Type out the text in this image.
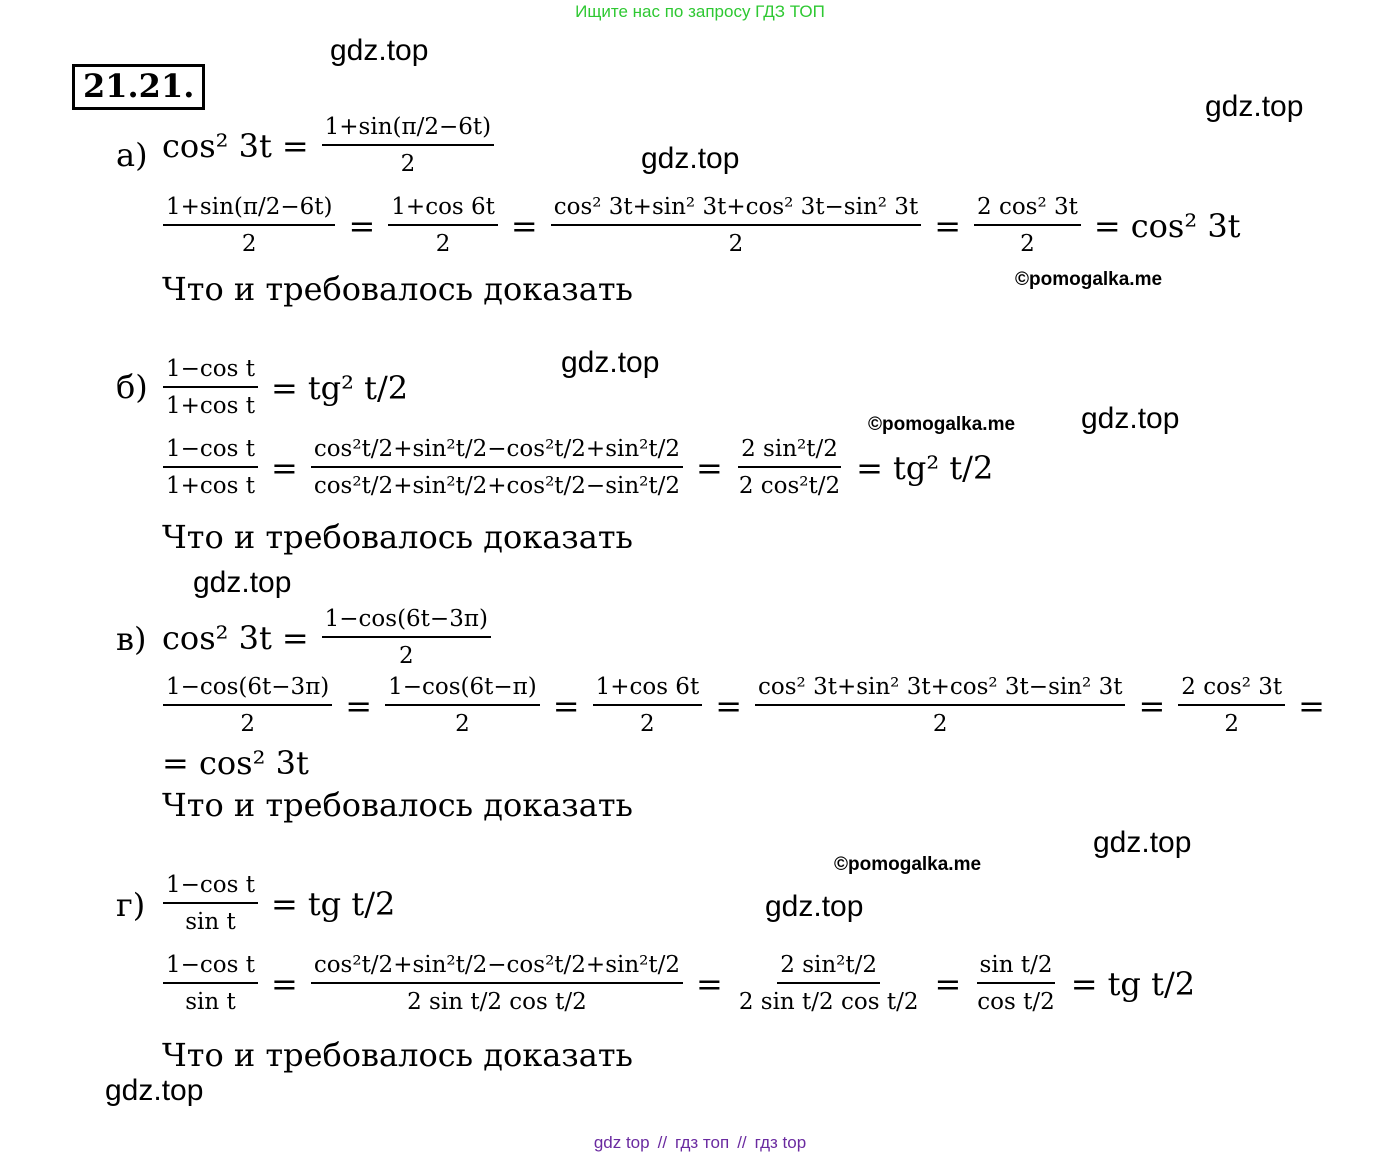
Ищите нас по запросу ГДЗ ТОП
gdz.top
gdz.top
gdz.top
gdz.top
gdz.top
gdz.top
gdz.top
gdz.top
gdz.top
©pomogalka.me
©pomogalka.me
©pomogalka.me
21.21.
а) cos² $3t = \frac{1+\sin(\pi/2-6t)}{2}$
$\frac{1+\sin(\pi/2-6t)}{2} = \frac{1+\cos 6t}{2} = \frac{\text{cos² 3t+sin² 3t+cos² 3t−sin² 3t}}{2} = \frac{\text{2 cos² 3t}}{2} = \cos^2$ 3t
Что и требовалось доказать
$б) \frac{\text{1−cos t}}{\text{1+cos t}} = tg^2$ t/2
$\frac{\text{1−cos t}}{\text{1+cos t}} = \frac{\text{cos²t/2+sin²t/2−cos²t/2+sin²t/2}}{\text{cos²t/2+sin²t/2+cos²t/2−sin²t/2}} = \frac{\text{2 sin²t/2}}{\text{2 cos²t/2}} = tg^2$ t/2
Что и требовалось доказать
в) cos² $3t = \frac{1-\cos(6t-3\pi)}{2}$
$\frac{1-\cos(6t-3\pi)}{2} = \frac{1-\cos(6t-\pi)}{2} = \frac{1+\cos 6t}{2} = \frac{\text{cos² 3t+sin² 3t+cos² 3t−sin² 3t}}{2} = \frac{\text{2 cos² 3t}}{2}$ =
= cos² 3t
Что и требовалось доказать
$г) \frac{\text{1−cos t}}{\text{sin t}}$ = tg t/2
$\frac{\text{1−cos t}}{\text{sin t}} = \frac{\text{cos²t/2+sin²t/2−cos²t/2+sin²t/2}}{\text{2 sin t/2 cos t/2}} = \frac{\text{2 sin²t/2}}{\text{2 sin t/2 cos t/2}} = \frac{\text{sin t/2}}{\text{cos t/2}}$ = tg t/2
Что и требовалось доказать
gdz top // гдз топ // гдз top
